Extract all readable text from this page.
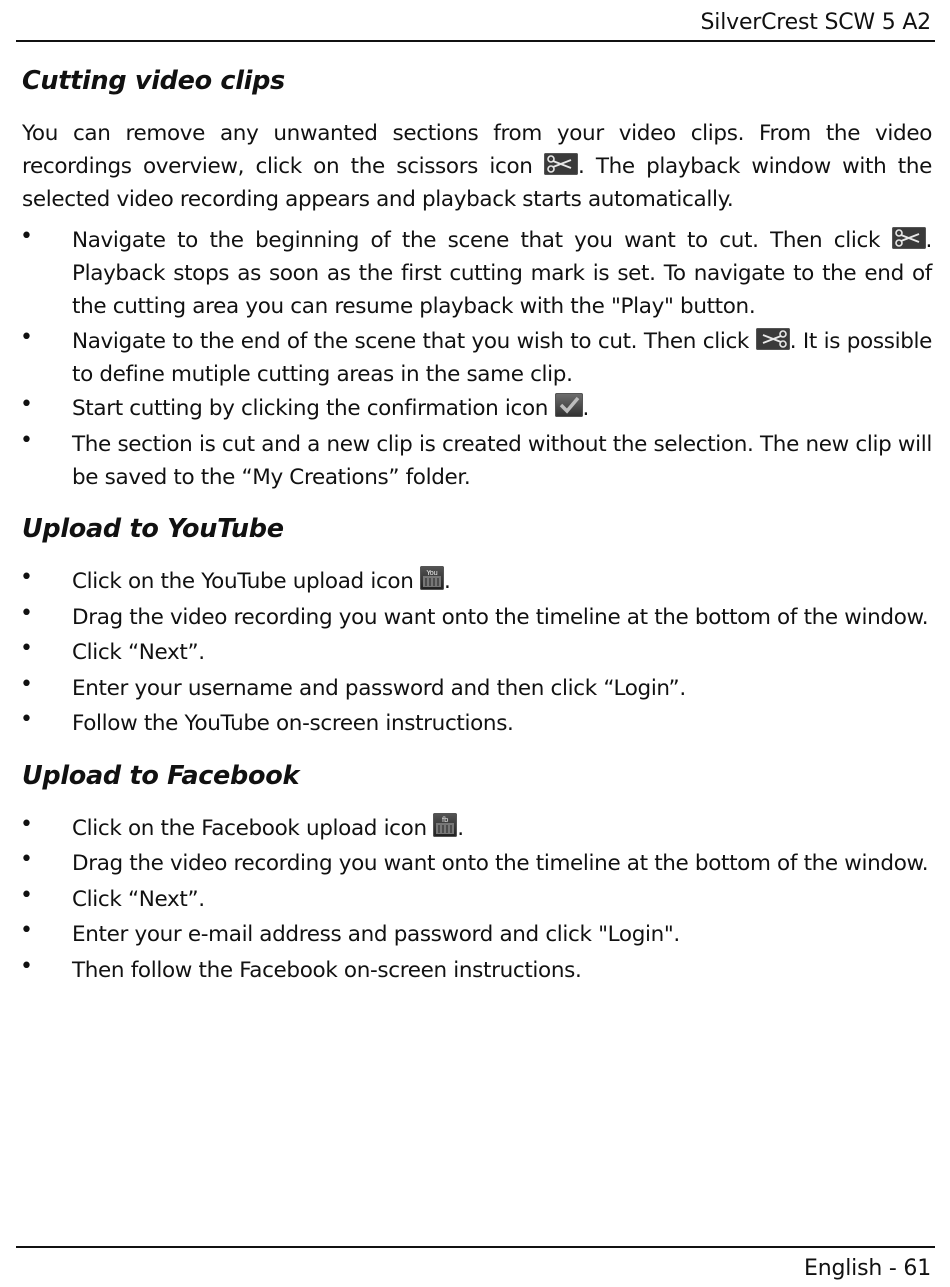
SilverCrest SCW 5 A2
Cutting video clips

You can remove any unwanted sections from your video clips. From the video recordings overview, click on the scissors icon
. The playback window with the selected video recording appears and playback starts automatically.

•

Navigate to the beginning of the scene that you want to cut. Then click
. Playback stops as soon as the first cutting mark is set. To navigate to the end of the cutting area you can resume playback with the "Play" button.

•

Navigate to the end of the scene that you wish to cut. Then click
. It is possible to define mutiple cutting areas in the same clip.

•

Start cutting by clicking the confirmation icon .

•

The section is cut and a new clip is created without the selection. The new clip will be saved to the “My Creations” folder.

Upload to YouTube
•

Click on the YouTube upload icon You .

•

Drag the video recording you want onto the timeline at the bottom of the window.

•

Click “Next”.

•

Enter your username and password and then click “Login”.

•

Follow the YouTube on-screen instructions.

Upload to Facebook
•

Click on the Facebook upload icon fb .

•

Drag the video recording you want onto the timeline at the bottom of the window.

•

Click “Next”.

•

Enter your e-mail address and password and click "Login".

•

Then follow the Facebook on-screen instructions.

English - 61
